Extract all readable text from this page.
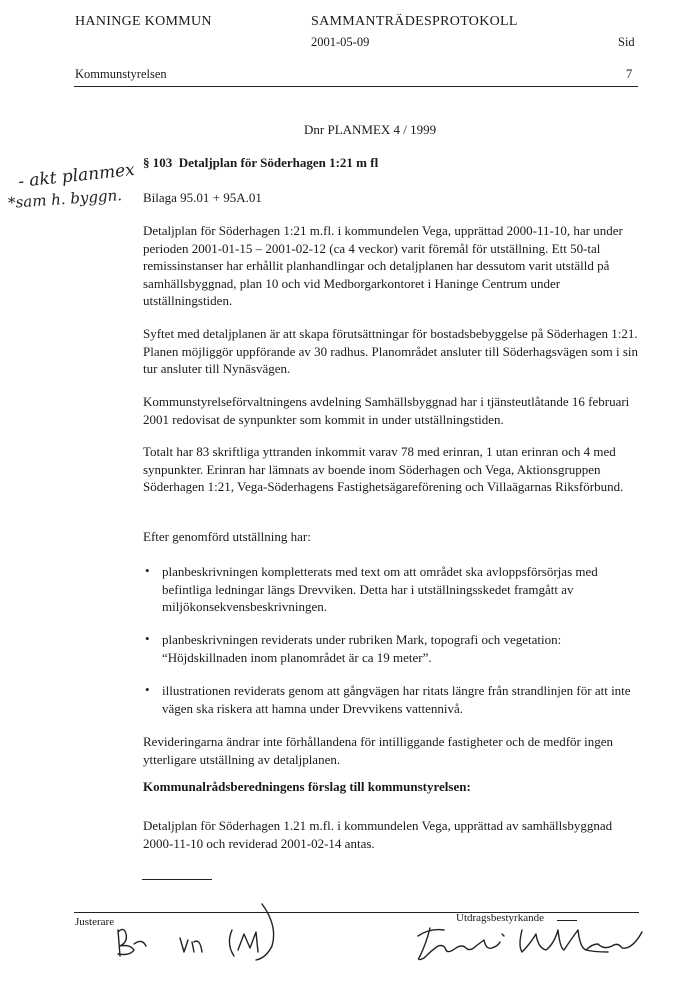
HANINGE KOMMUN	SAMMANTRÄDESPROTOKOLL
2001-05-09	Sid
Kommunstyrelsen	7
Dnr PLANMEX 4 / 1999
- akt planmex
*sam h. byggn.
§ 103 Detaljplan för Söderhagen 1:21 m fl
Bilaga 95.01 + 95A.01
Detaljplan för Söderhagen 1:21 m.fl. i kommundelen Vega, upprättad 2000-11-10, har under perioden 2001-01-15 – 2001-02-12 (ca 4 veckor) varit föremål för utställning. Ett 50-tal remissinstanser har erhållit planhandlingar och detaljplanen har dessutom varit utställd på samhällsbyggnad, plan 10 och vid Medborgarkontoret i Haninge Centrum under utställningstiden.
Syftet med detaljplanen är att skapa förutsättningar för bostadsbebyggelse på Söderhagen 1:21. Planen möjliggör uppförande av 30 radhus. Planområdet ansluter till Söderhagsvägen som i sin tur ansluter till Nynäsvägen.
Kommunstyrelseförvaltningens avdelning Samhällsbyggnad har i tjänsteutlåtande 16 februari 2001 redovisat de synpunkter som kommit in under utställningstiden.
Totalt har 83 skriftliga yttranden inkommit varav 78 med erinran, 1 utan erinran och 4 med synpunkter. Erinran har lämnats av boende inom Söderhagen och Vega, Aktionsgruppen Söderhagen 1:21, Vega-Söderhagens Fastighetsägareförening och Villaägarnas Riksförbund.
Efter genomförd utställning har:
• planbeskrivningen kompletterats med text om att området ska avloppsförsörjas med befintliga ledningar längs Drevviken. Detta har i utställningsskedet framgått av miljökonsekvensbeskrivningen.
• planbeskrivningen reviderats under rubriken Mark, topografi och vegetation: “Höjdskillnaden inom planområdet är ca 19 meter”.
• illustrationen reviderats genom att gångvägen har ritats längre från strandlinjen för att inte vägen ska riskera att hamna under Drevvikens vattennivå.
Revideringarna ändrar inte förhållandena för intilliggande fastigheter och de medför ingen ytterligare utställning av detaljplanen.
Kommunalrådsberedningens förslag till kommunstyrelsen:
Detaljplan för Söderhagen 1.21 m.fl. i kommundelen Vega, upprättad av samhällsbyggnad 2000-11-10 och reviderad 2001-02-14 antas.
Justerare	Utdragsbestyrkande
